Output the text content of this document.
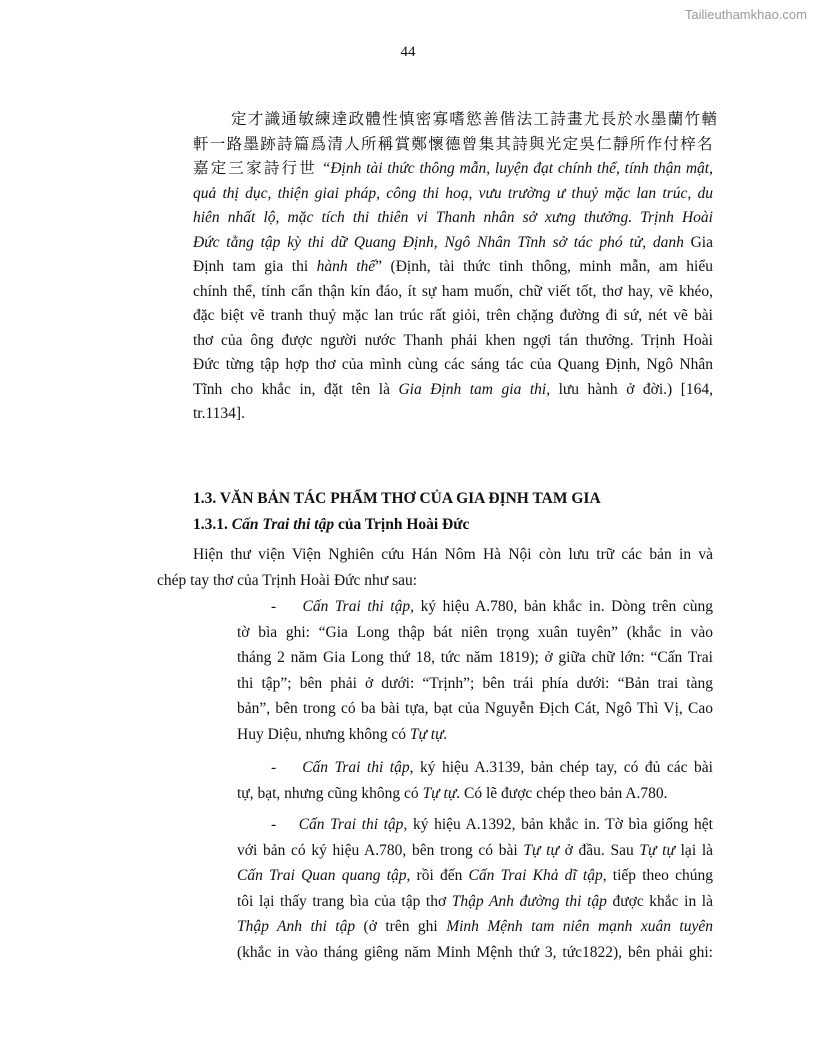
Tailieuthamkhao.com
44
定才識通敏練達政體性慎密寡嗜慾善偕法工詩畫尤長於水墨蘭竹輶
軒一路墨跡詩篇爲清人所稱賞鄭懷德曾集其詩與光定吳仁靜所作付梓名
嘉定三家詩行世 “Định tài thức thông mẫn, luyện đạt chính thể, tính thận mật,
quả thị dục, thiện giai pháp, công thi hoạ, vưu trường ư thuỷ mặc lan trúc, du
hiên nhất lộ, mặc tích thi thiên vi Thanh nhân sở xưng thưởng. Trịnh Hoài
Đức tằng tập kỳ thi dữ Quang Định, Ngô Nhân Tĩnh sở tác phó tử, danh Gia
Định tam gia thi hành thế” (Định, tài thức tinh thông, minh mẫn, am hiểu
chính thể, tính cẩn thận kín đáo, ít sự ham muốn, chữ viết tốt, thơ hay, vẽ khéo,
đặc biệt vẽ tranh thuỷ mặc lan trúc rất giỏi, trên chặng đường đi sứ, nét vẽ bài
thơ của ông được người nước Thanh phải khen ngợi tán thưởng. Trịnh Hoài
Đức từng tập hợp thơ của mình cùng các sáng tác của Quang Định, Ngô Nhân
Tĩnh cho khắc in, đặt tên là Gia Định tam gia thi, lưu hành ở đời.) [164,
tr.1134].
1.3. VĂN BẢN TÁC PHẨM THƠ CỦA GIA ĐỊNH TAM GIA
1.3.1. Cấn Trai thi tập của Trịnh Hoài Đức
Hiện thư viện Viện Nghiên cứu Hán Nôm Hà Nội còn lưu trữ các bản in và
chép tay thơ của Trịnh Hoài Đức như sau:
- Cấn Trai thi tập, ký hiệu A.780, bản khắc in. Dòng trên cùng
tờ bìa ghi: “Gia Long thập bát niên trọng xuân tuyên” (khắc in vào
tháng 2 năm Gia Long thứ 18, tức năm 1819); ở giữa chữ lớn: “Cấn Trai
thi tập”; bên phải ở dưới: “Trịnh”; bên trái phía dưới: “Bản trai tàng
bản”, bên trong có ba bài tựa, bạt của Nguyễn Địch Cát, Ngô Thì Vị, Cao
Huy Diệu, nhưng không có Tự tự.
- Cấn Trai thi tập, ký hiệu A.3139, bản chép tay, có đủ các bài
tự, bạt, nhưng cũng không có Tự tự. Có lẽ được chép theo bản A.780.
- Cấn Trai thi tập, ký hiệu A.1392, bản khắc in. Tờ bìa giống hệt
với bản có ký hiệu A.780, bên trong có bài Tự tự ở đầu. Sau Tự tự lại là
Cấn Trai Quan quang tập, rồi đến Cấn Trai Khả dĩ tập, tiếp theo chúng
tôi lại thấy trang bìa của tập thơ Thập Anh đường thi tập được khắc in là
Thập Anh thi tập (ở trên ghi Minh Mệnh tam niên mạnh xuân tuyên
(khắc in vào tháng giêng năm Minh Mệnh thứ 3, tức1822), bên phải ghi:
